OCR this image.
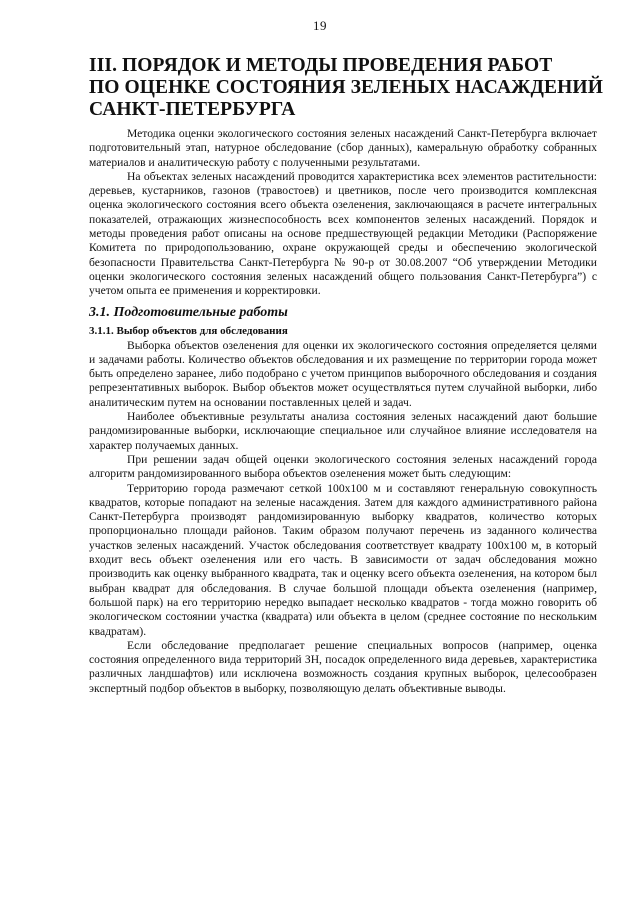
19
III. ПОРЯДОК И МЕТОДЫ ПРОВЕДЕНИЯ РАБОТ
ПО ОЦЕНКЕ СОСТОЯНИЯ ЗЕЛЕНЫХ НАСАЖДЕНИЙ
САНКТ-ПЕТЕРБУРГА

Методика оценки экологического состояния зеленых насаждений Санкт-Петербурга включает подготовительный этап, натурное обследование (сбор данных), камеральную обработку собранных материалов и аналитическую работу с полученными результатами.

На объектах зеленых насаждений проводится характеристика всех элементов растительности: деревьев, кустарников, газонов (травостоев) и цветников, после чего производится комплексная оценка экологического состояния всего объекта озеленения, заключающаяся в расчете интегральных показателей, отражающих жизнеспособность всех компонентов зеленых насаждений. Порядок и методы проведения работ описаны на основе предшествующей редакции Методики (Распоряжение Комитета по природопользованию, охране окружающей среды и обеспечению экологической безопасности Правительства Санкт-Петербурга № 90-р от 30.08.2007 “Об утверждении Методики оценки экологического состояния зеленых насаждений общего пользования Санкт-Петербурга”) с учетом опыта ее применения и корректировки.

3.1. Подготовительные работы
3.1.1. Выбор объектов для обследования

Выборка объектов озеленения для оценки их экологического состояния определяется целями и задачами работы. Количество объектов обследования и их размещение по территории города может быть определено заранее, либо подобрано с учетом принципов выборочного обследования и создания репрезентативных выборок. Выбор объектов может осуществляться путем случайной выборки, либо аналитическим путем на основании поставленных целей и задач.

Наиболее объективные результаты анализа состояния зеленых насаждений дают большие рандомизированные выборки, исключающие специальное или случайное влияние исследователя на характер получаемых данных.

При решении задач общей оценки экологического состояния зеленых насаждений города алгоритм рандомизированного выбора объектов озеленения может быть следующим:

Территорию города размечают сеткой 100х100 м и составляют генеральную совокупность квадратов, которые попадают на зеленые насаждения. Затем для каждого административного района Санкт-Петербурга производят рандомизированную выборку квадратов, количество которых пропорционально площади районов. Таким образом получают перечень из заданного количества участков зеленых насаждений. Участок обследования соответствует квадрату 100х100 м, в который входит весь объект озеленения или его часть. В зависимости от задач обследования можно производить как оценку выбранного квадрата, так и оценку всего объекта озеленения, на котором был выбран квадрат для обследования. В случае большой площади объекта озеленения (например, большой парк) на его территорию нередко выпадает несколько квадратов - тогда можно говорить об экологическом состоянии участка (квадрата) или объекта в целом (среднее состояние по нескольким квадратам).

Если обследование предполагает решение специальных вопросов (например, оценка состояния определенного вида территорий ЗН, посадок определенного вида деревьев, характеристика различных ландшафтов) или исключена возможность создания крупных выборок, целесообразен экспертный подбор объектов в выборку, позволяющую делать объективные выводы.
